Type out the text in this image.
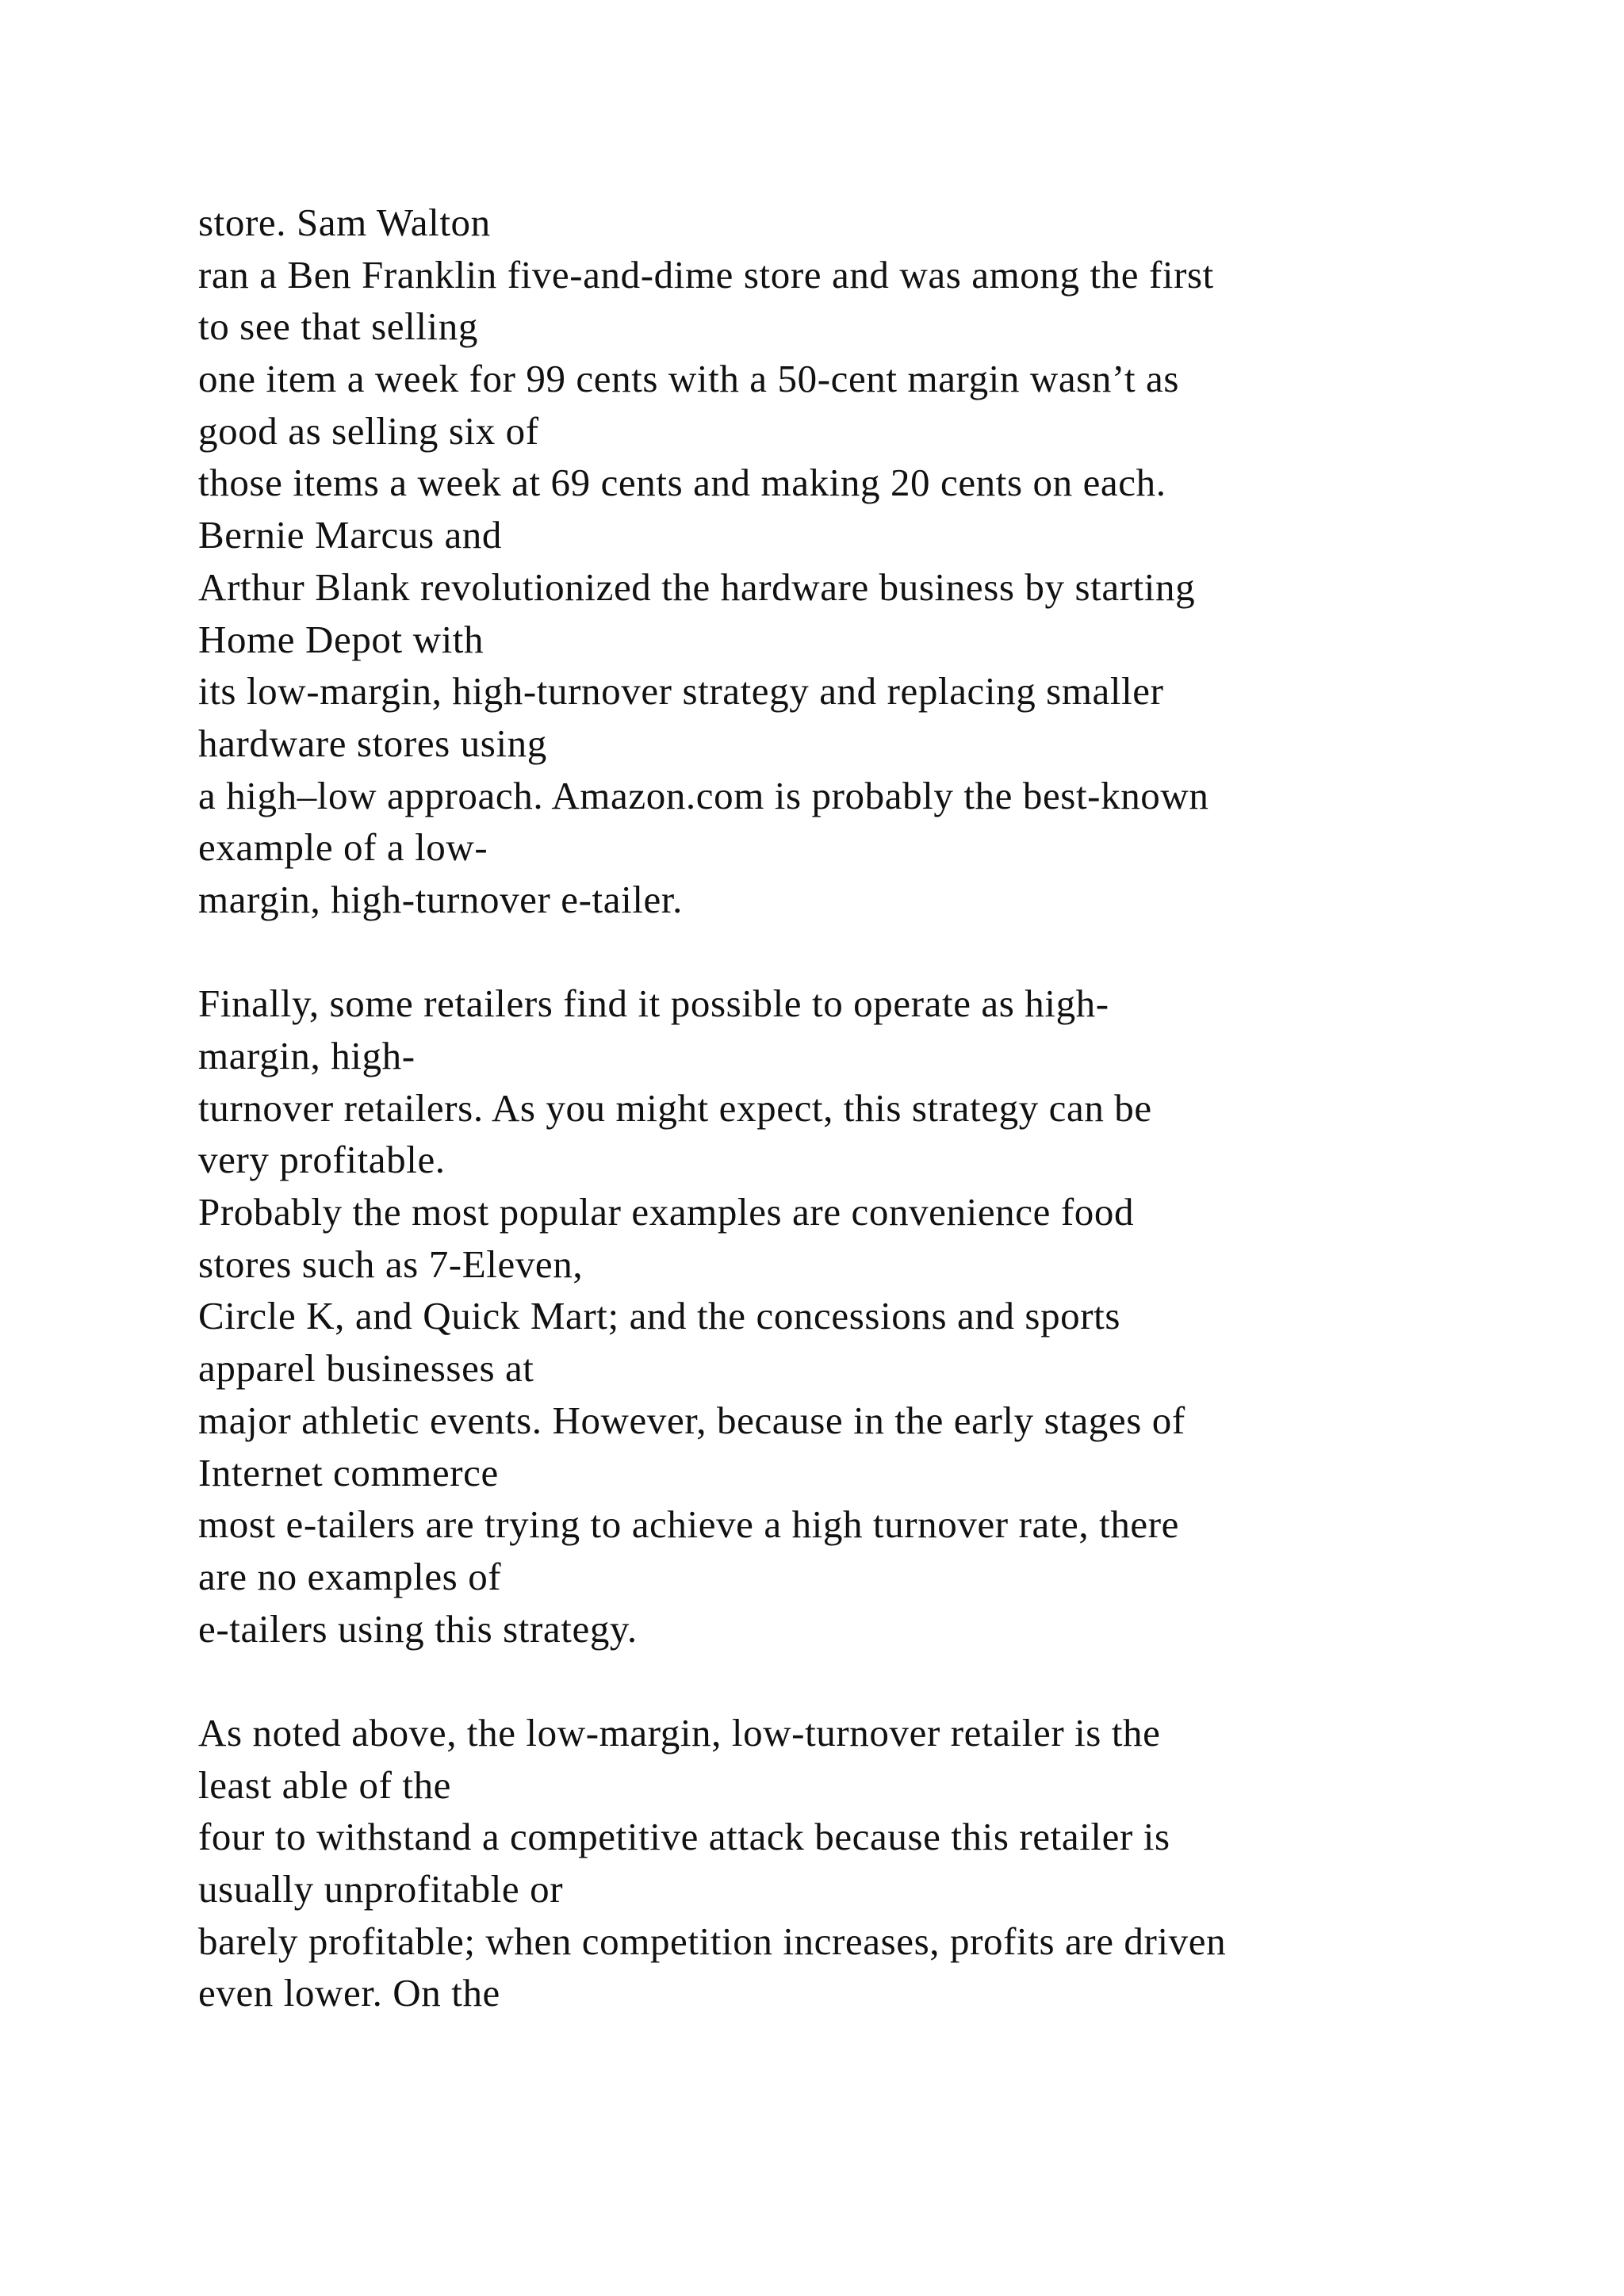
store. Sam Walton
ran a Ben Franklin five-and-dime store and was among the first
to see that selling
one item a week for 99 cents with a 50-cent margin wasn’t as
good as selling six of
those items a week at 69 cents and making 20 cents on each.
Bernie Marcus and
Arthur Blank revolutionized the hardware business by starting
Home Depot with
its low-margin, high-turnover strategy and replacing smaller
hardware stores using
a high–low approach. Amazon.com is probably the best-known
example of a low-
margin, high-turnover e-tailer.
Finally, some retailers find it possible to operate as high-
margin, high-
turnover retailers. As you might expect, this strategy can be
very profitable.
Probably the most popular examples are convenience food
stores such as 7-Eleven,
Circle K, and Quick Mart; and the concessions and sports
apparel businesses at
major athletic events. However, because in the early stages of
Internet commerce
most e-tailers are trying to achieve a high turnover rate, there
are no examples of
e-tailers using this strategy.
As noted above, the low-margin, low-turnover retailer is the
least able of the
four to withstand a competitive attack because this retailer is
usually unprofitable or
barely profitable; when competition increases, profits are driven
even lower. On the
